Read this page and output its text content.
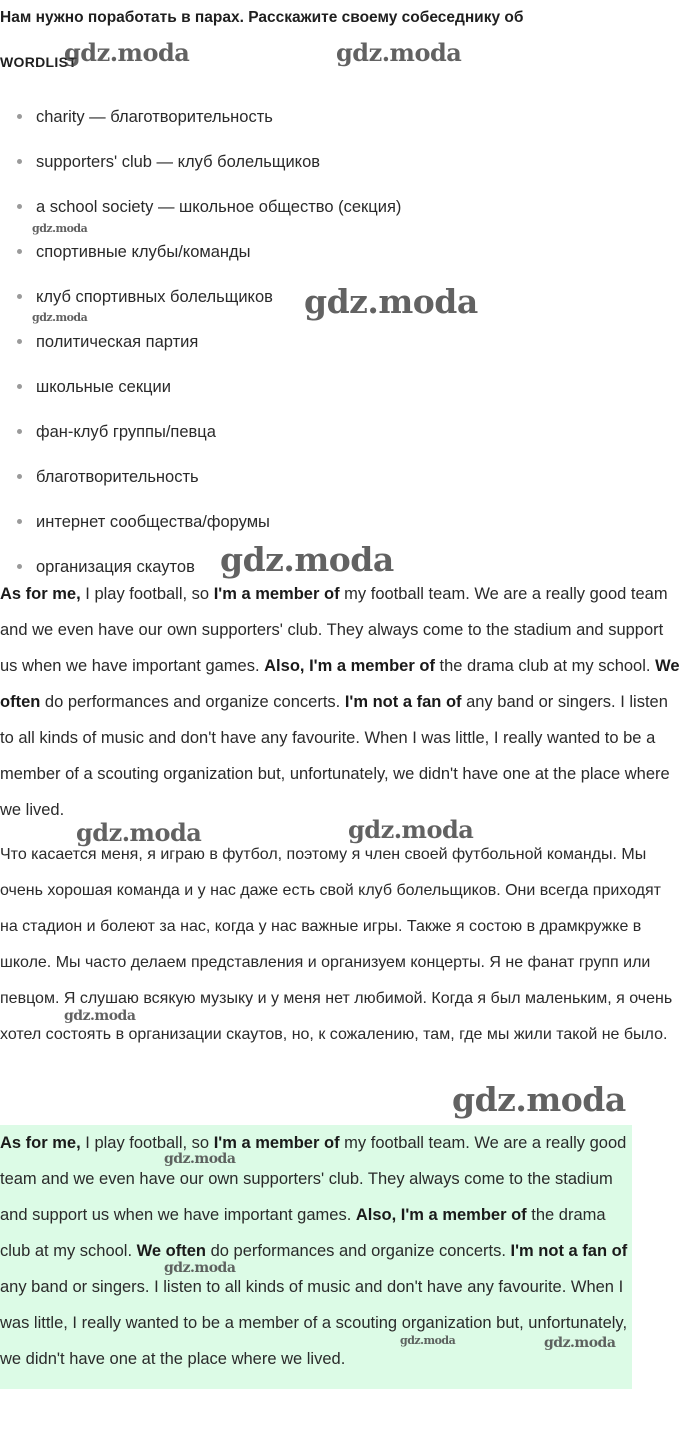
Нам нужно поработать в парах. Расскажите своему собеседнику об
WORDLIST
charity — благотворительность
supporters' club — клуб болельщиков
a school society — школьное общество (секция)
спортивные клубы/команды
клуб спортивных болельщиков
политическая партия
школьные секции
фан-клуб группы/певца
благотворительность
интернет сообщества/форумы
организация скаутов

As for me, I play football, so I'm a member of my football team. We are a really good team and we even have our own supporters' club. They always come to the stadium and support us when we have important games. Also, I'm a member of the drama club at my school. We often do performances and organize concerts. I'm not a fan of any band or singers. I listen to all kinds of music and don't have any favourite. When I was little, I really wanted to be a member of a scouting organization but, unfortunately, we didn't have one at the place where we lived.

Что касается меня, я играю в футбол, поэтому я член своей футбольной команды. Мы очень хорошая команда и у нас даже есть свой клуб болельщиков. Они всегда приходят на стадион и болеют за нас, когда у нас важные игры. Также я состою в драмкружке в школе. Мы часто делаем представления и организуем концерты. Я не фанат групп или певцом. Я слушаю всякую музыку и у меня нет любимой. Когда я был маленьким, я очень хотел состоять в организации скаутов, но, к сожалению, там, где мы жили такой не было.

As for me, I play football, so I'm a member of my football team. We are a really good team and we even have our own supporters' club. They always come to the stadium and support us when we have important games. Also, I'm a member of the drama club at my school. We often do performances and organize concerts. I'm not a fan of any band or singers. I listen to all kinds of music and don't have any favourite. When I was little, I really wanted to be a member of a scouting organization but, unfortunately, we didn't have one at the place where we lived.

gdz.moda	gdz.moda
gdz.moda
gdz.moda
gdz.moda
gdz.moda
gdz.moda	gdz.moda
gdz.moda
gdz.moda
gdz.moda
gdz.moda
gdz.moda	gdz.moda
